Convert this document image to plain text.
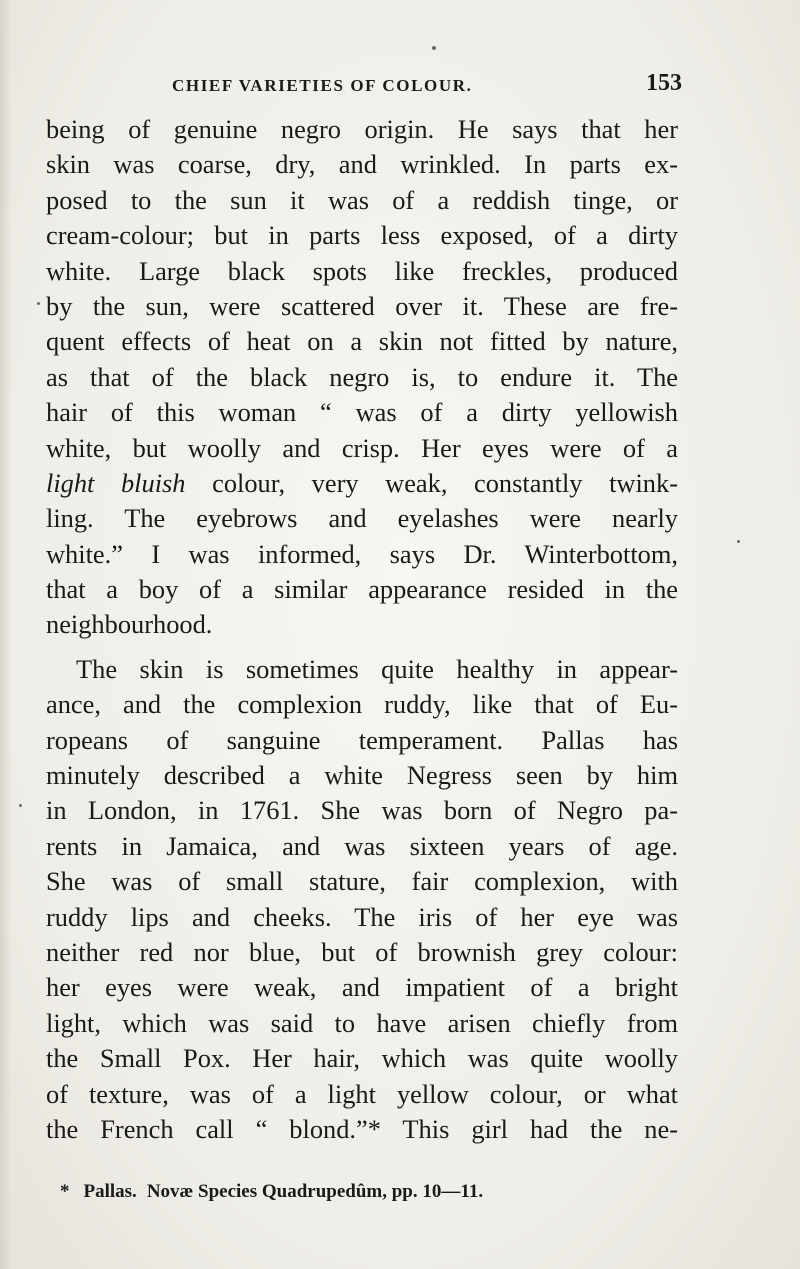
CHIEF VARIETIES OF COLOUR.	153
being of genuine negro origin. He says that her
skin was coarse, dry, and wrinkled. In parts ex-
posed to the sun it was of a reddish tinge, or
cream-colour; but in parts less exposed, of a dirty
white. Large black spots like freckles, produced
by the sun, were scattered over it. These are fre-
quent effects of heat on a skin not fitted by nature,
as that of the black negro is, to endure it. The
hair of this woman “ was of a dirty yellowish
white, but woolly and crisp. Her eyes were of a
light bluish colour, very weak, constantly twink-
ling. The eyebrows and eyelashes were nearly
white.” I was informed, says Dr. Winterbottom,
that a boy of a similar appearance resided in the
neighbourhood.
The skin is sometimes quite healthy in appear-
ance, and the complexion ruddy, like that of Eu-
ropeans of sanguine temperament. Pallas has
minutely described a white Negress seen by him
in London, in 1761. She was born of Negro pa-
rents in Jamaica, and was sixteen years of age.
She was of small stature, fair complexion, with
ruddy lips and cheeks. The iris of her eye was
neither red nor blue, but of brownish grey colour:
her eyes were weak, and impatient of a bright
light, which was said to have arisen chiefly from
the Small Pox. Her hair, which was quite woolly
of texture, was of a light yellow colour, or what
the French call “ blond.”* This girl had the ne-
* Pallas. Novæ Species Quadrupedûm, pp. 10—11.
